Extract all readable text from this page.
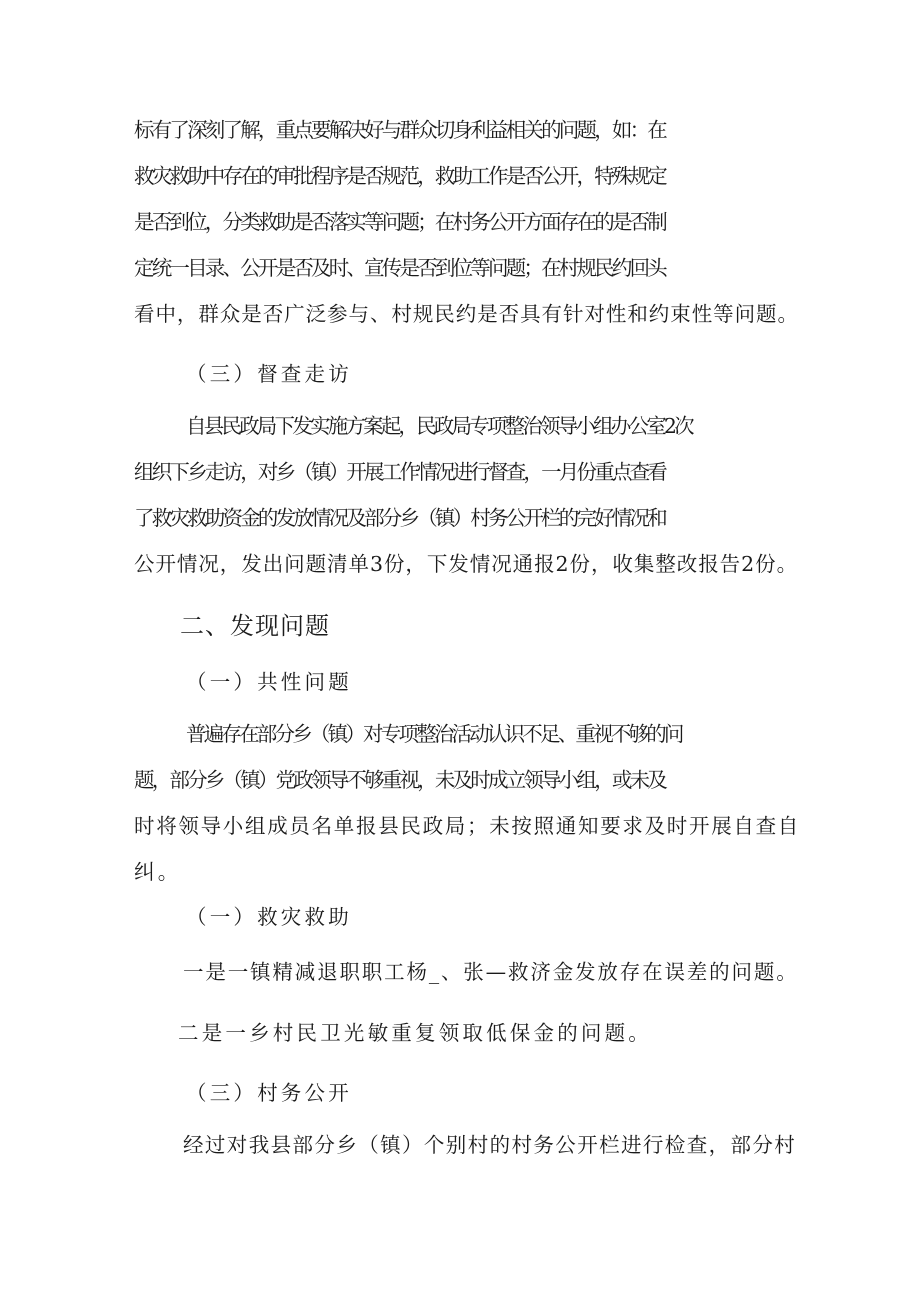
标有了深刻了解，重点要解决好与群众切身利益相关的问题，如：在
救灾救助中存在的审批程序是否规范，救助工作是否公开，特殊规定
是否到位，分类救助是否落实等问题；在村务公开方面存在的是否制
定统一目录、公开是否及时、宣传是否到位等问题；在村规民约回头
看中，群众是否广泛参与、村规民约是否具有针对性和约束性等问题。
（三）督查走访
自县民政局下发实施方案起，民政局专项整治领导小组办公室2次
组织下乡走访，对乡（镇）开展工作情况进行督查，一月份重点查看
了救灾救助资金的发放情况及部分乡（镇）村务公开栏的完好情况和
公开情况，发出问题清单3份，下发情况通报2份，收集整改报告2份。
二、发现问题
（一）共性问题
普遍存在部分乡（镇）对专项整治活动认识不足、重视不够的问
题，部分乡（镇）党政领导不够重视，未及时成立领导小组，或未及
时将领导小组成员名单报县民政局；未按照通知要求及时开展自查自
纠。
（一）救灾救助
一是一镇精减退职职工杨_、张—救济金发放存在误差的问题。
二是一乡村民卫光敏重复领取低保金的问题。
（三）村务公开
经过对我县部分乡（镇）个别村的村务公开栏进行检查，部分村
